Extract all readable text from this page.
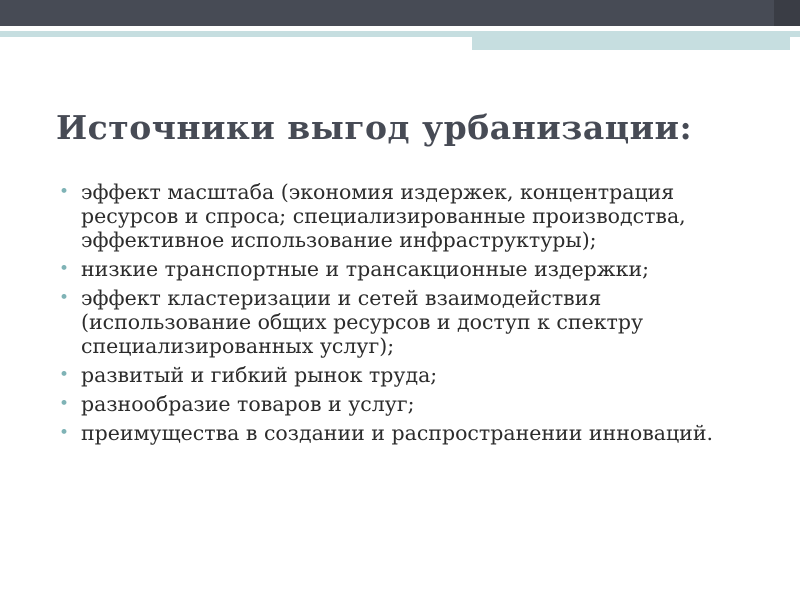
Источники выгод урбанизации:
• эффект масштаба (экономия издержек, концентрация ресурсов и спроса; специализированные производства, эффективное использование инфраструктуры);
• низкие транспортные и трансакционные издержки;
• эффект кластеризации и сетей взаимодействия (использование общих ресурсов и доступ к спектру специализированных услуг);
• развитый и гибкий рынок труда;
• разнообразие товаров и услуг;
• преимущества в создании и распространении инноваций.
